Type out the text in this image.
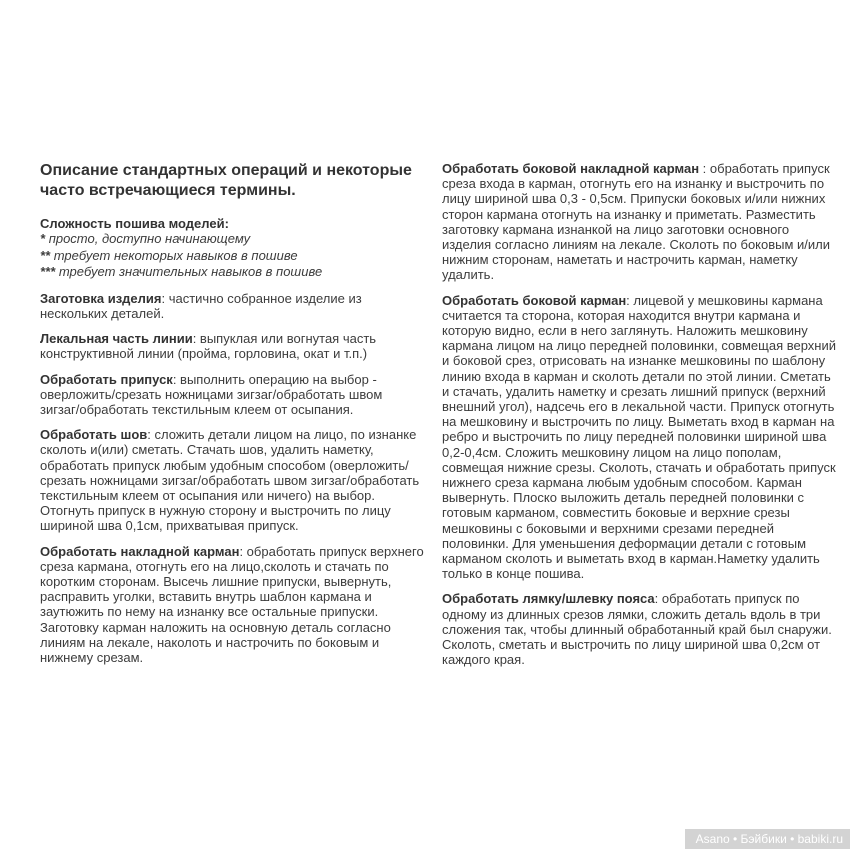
Описание стандартных операций и некоторые часто встречающиеся термины.
Сложность пошива моделей:
* просто, доступно начинающему
** требует некоторых навыков в пошиве
*** требует значительных навыков в пошиве

Заготовка изделия: частично собранное изделие из нескольких деталей.

Лекальная часть линии: выпуклая или вогнутая часть конструктивной линии (пройма, горловина, окат и т.п.)

Обработать припуск: выполнить операцию на выбор - оверложить/срезать ножницами зигзаг/обработать швом зигзаг/обработать текстильным клеем от осыпания.

Обработать шов: сложить детали лицом на лицо, по изнанке сколоть и(или) сметать. Стачать шов, удалить наметку, обработать припуск любым удобным способом (оверложить/срезать ножницами зигзаг/обработать швом зигзаг/обработать текстильным клеем от осыпания или ничего) на выбор. Отогнуть припуск в нужную сторону и выстрочить по лицу шириной шва 0,1см, прихватывая припуск.

Обработать накладной карман: обработать припуск верхнего среза кармана, отогнуть его на лицо,сколоть и стачать по коротким сторонам. Высечь лишние припуски, вывернуть, расправить уголки, вставить внутрь шаблон кармана и заутюжить по нему на изнанку все остальные припуски. Заготовку карман наложить на основную деталь согласно линиям на лекале, наколоть и настрочить по боковым и нижнему срезам.

Обработать боковой накладной карман : обработать припуск среза входа в карман, отогнуть его на изнанку и выстрочить по лицу шириной шва 0,3 - 0,5см. Припуски боковых и/или нижних сторон кармана отогнуть на изнанку и приметать. Разместить заготовку кармана изнанкой на лицо заготовки основного изделия согласно линиям на лекале. Сколоть по боковым и/или нижним сторонам, наметать и настрочить карман, наметку удалить.

Обработать боковой карман: лицевой у мешковины кармана считается та сторона, которая находится внутри кармана и которую видно, если в него заглянуть. Наложить мешковину кармана лицом на лицо передней половинки, совмещая верхний и боковой срез, отрисовать на изнанке мешковины по шаблону линию входа в карман и сколоть детали по этой линии. Сметать и стачать, удалить наметку и срезать лишний припуск (верхний внешний угол), надсечь его в лекальной части. Припуск отогнуть на мешковину и выстрочить по лицу. Выметать вход в карман на ребро и выстрочить по лицу передней половинки шириной шва 0,2-0,4см. Сложить мешковину лицом на лицо пополам, совмещая нижние срезы. Сколоть, стачать и обработать припуск нижнего среза кармана любым удобным способом. Карман вывернуть. Плоско выложить деталь передней половинки с готовым карманом, совместить боковые и верхние срезы мешковины с боковыми и верхними срезами передней половинки. Для уменьшения деформации детали с готовым карманом сколоть и выметать вход в карман.Наметку удалить только в конце пошива.

Обработать лямку/шлевку пояса: обработать припуск по одному из длинных срезов лямки, сложить деталь вдоль в три сложения так, чтобы длинный обработанный край был снаружи. Сколоть, сметать и выстрочить по лицу шириной шва 0,2см от каждого края.

Asano • Бэйбики • babiki.ru
